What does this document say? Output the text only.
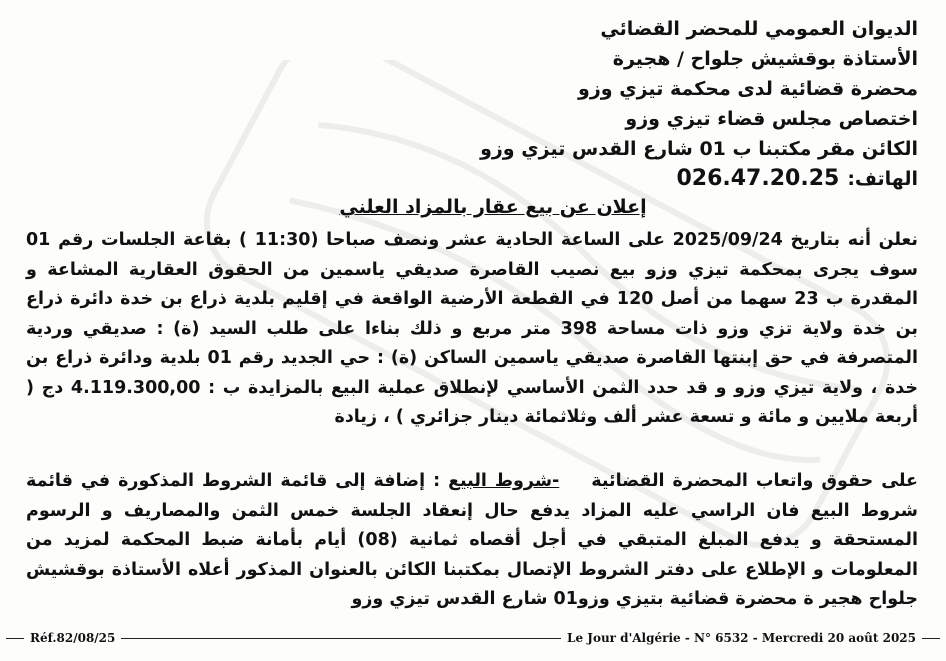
الديوان العمومي للمحضر القضائي
الأستاذة بوقشيش جلواح / هجيرة
محضرة قضائية لدى محكمة تيزي وزو
اختصاص مجلس قضاء تيزي وزو
الكائن مقر مكتبنا ب 01 شارع القدس تيزي وزو
الهاتف:
026.47.20.25
إعلان عن بيع عقار بالمزاد العلني
نعلن أنه بتاريخ 2025/09/24 على الساعة الحادية عشر ونصف صباحا (11:30 ) بقاعة الجلسات رقم 01 سوف يجرى بمحكمة تيزي وزو بيع نصيب القاصرة صديقي ياسمين من الحقوق العقارية المشاعة و المقدرة ب 23 سهما من أصل 120 في القطعة الأرضية الواقعة في إقليم بلدية ذراع بن خدة دائرة ذراع بن خدة ولاية تزي وزو ذات مساحة 398 متر مربع و ذلك بناءا على طلب السيد (ة) : صديقي وردية المتصرفة في حق إبنتها القاصرة صديقي ياسمين الساكن (ة) : حي الجديد رقم 01 بلدية ودائرة ذراع بن خدة ، ولاية تيزي وزو و قد حدد الثمن الأساسي لإنطلاق عملية البيع بالمزايدة ب : 4.119.300,00 دج ( أربعة ملايين و مائة و تسعة عشر ألف وثلاثمائة دينار جزائري ) ، زيادة
على حقوق واتعاب المحضرة القضائية    -شروط البيع : إضافة إلى قائمة الشروط المذكورة في قائمة شروط البيع فان الراسي عليه المزاد يدفع حال إنعقاد الجلسة خمس الثمن والمصاريف و الرسوم المستحقة و يدفع المبلغ المتبقي في أجل أقصاه ثمانية (08) أيام بأمانة ضبط المحكمة لمزيد من المعلومات و الإطلاع على دفتر الشروط الإتصال بمكتبنا الكائن بالعنوان المذكور أعلاه الأستاذة بوقشيش جلواح هجير ة محضرة قضائية بتيزي وزو01 شارع القدس تيزي وزو
Réf.82/08/25	Le Jour d'Algérie - N° 6532 - Mercredi 20 août 2025
